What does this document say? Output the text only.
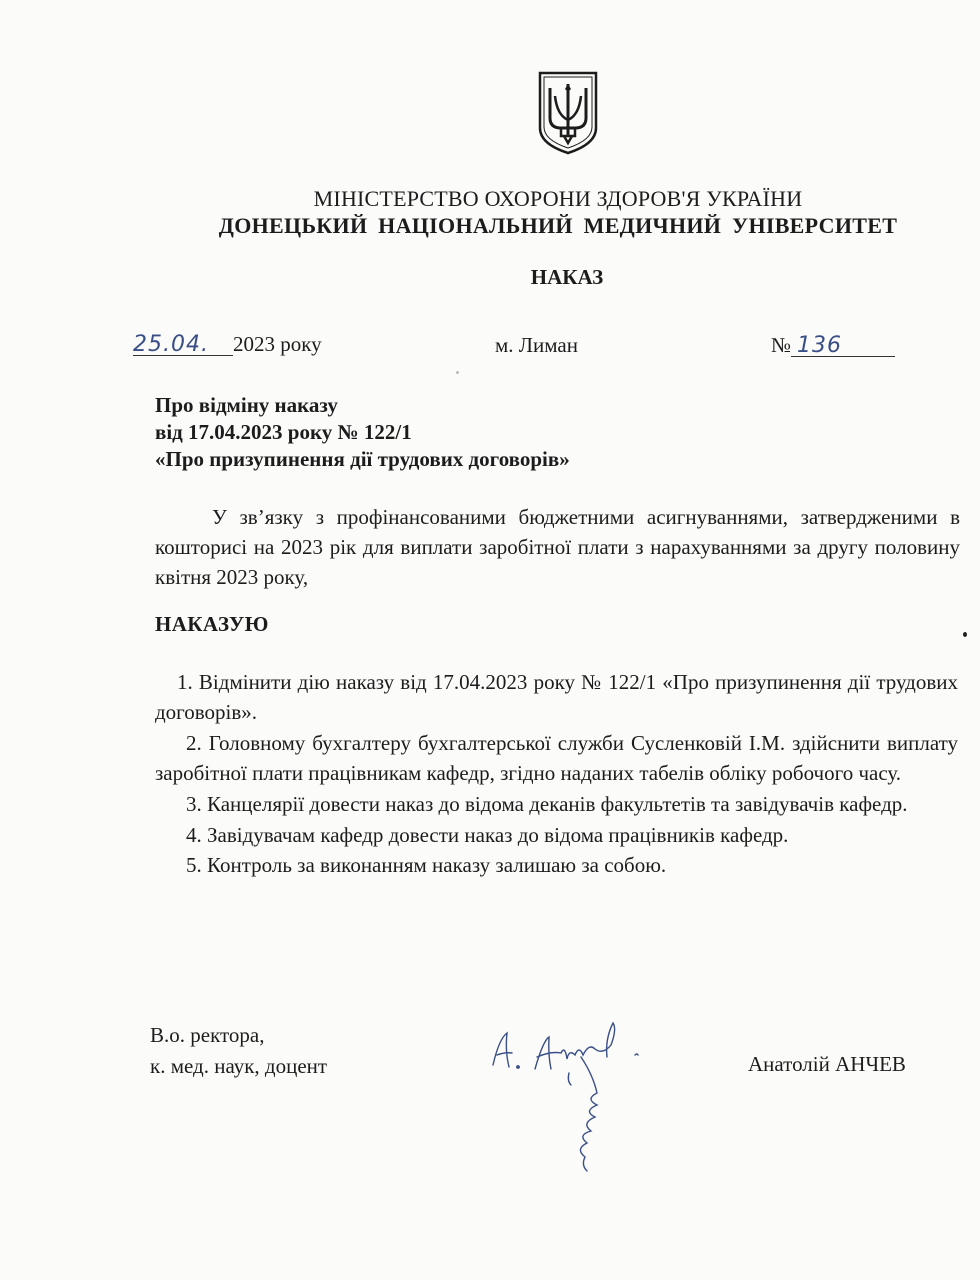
МІНІСТЕРСТВО ОХОРОНИ ЗДОРОВ'Я УКРАЇНИ
ДОНЕЦЬКИЙ НАЦІОНАЛЬНИЙ МЕДИЧНИЙ УНІВЕРСИТЕТ
НАКАЗ
25.04. 2023 року	м. Лиман	№ 136
Про відміну наказу
від 17.04.2023 року № 122/1
«Про призупинення дії трудових договорів»
У зв’язку з профінансованими бюджетними асигнуваннями, затвердженими в кошторисі на 2023 рік для виплати заробітної плати з нарахуваннями за другу половину квітня 2023 року,
НАКАЗУЮ
1. Відмінити дію наказу від 17.04.2023 року № 122/1 «Про призупинення дії трудових договорів».
2. Головному бухгалтеру бухгалтерської служби Сусленковій І.М. здійснити виплату заробітної плати працівникам кафедр, згідно наданих табелів обліку робочого часу.
3. Канцелярії довести наказ до відома деканів факультетів та завідувачів кафедр.
4. Завідувачам кафедр довести наказ до відома працівників кафедр.
5. Контроль за виконанням наказу залишаю за собою.
В.о. ректора,
к. мед. наук, доцент	Анатолій АНЧЕВ
